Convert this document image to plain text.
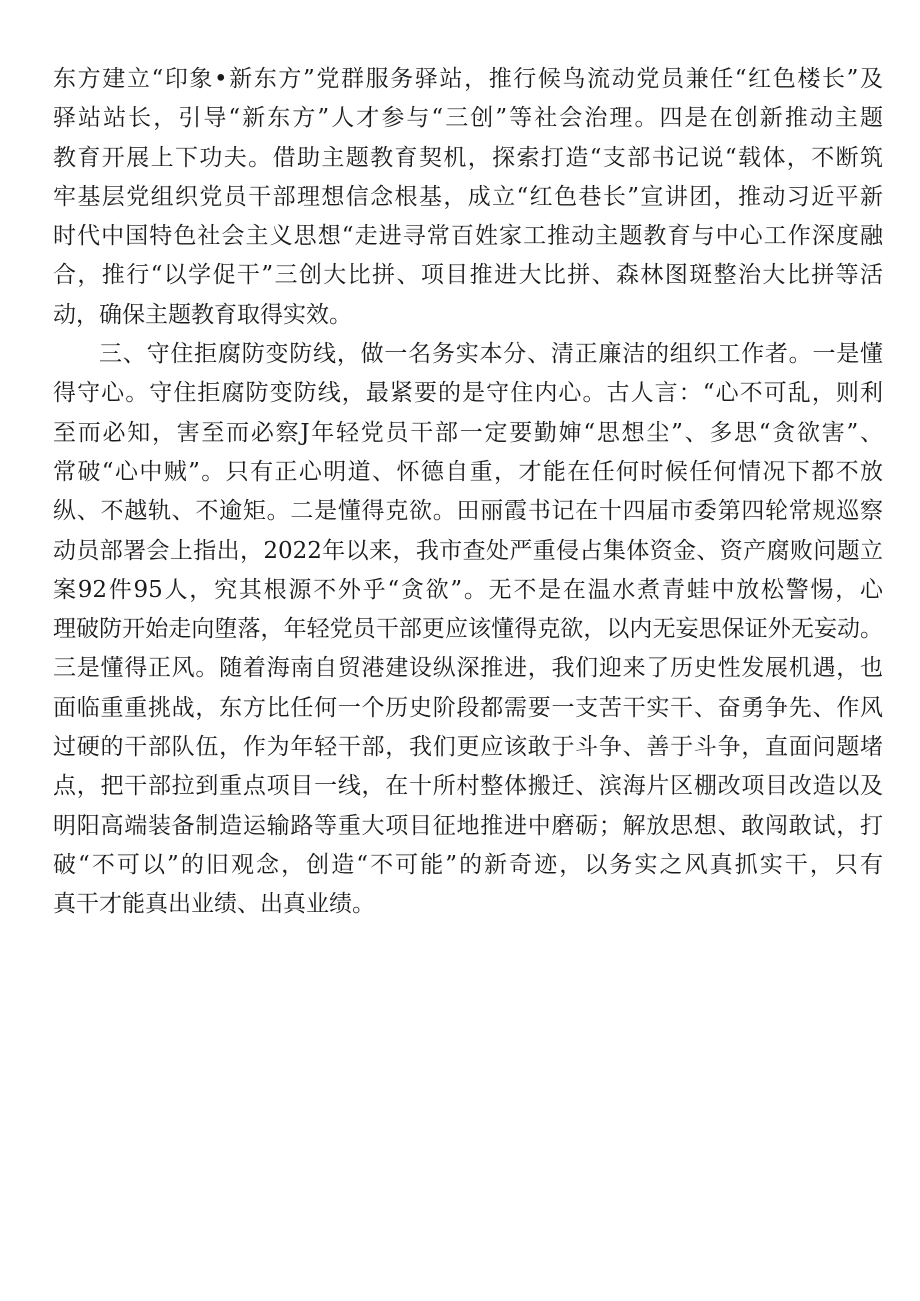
东方建立“印象•新东方”党群服务驿站，推行候鸟流动党员兼任“红色楼长”及
驿站站长，引导“新东方”人才参与“三创”等社会治理。四是在创新推动主题
教育开展上下功夫。借助主题教育契机，探索打造“支部书记说“载体，不断筑
牢基层党组织党员干部理想信念根基，成立“红色巷长”宣讲团，推动习近平新
时代中国特色社会主义思想“走进寻常百姓家工推动主题教育与中心工作深度融
合，推行“以学促干”三创大比拼、项目推进大比拼、森林图斑整治大比拼等活
动，确保主题教育取得实效。
三、守住拒腐防变防线，做一名务实本分、清正廉洁的组织工作者。一是懂
得守心。守住拒腐防变防线，最紧要的是守住内心。古人言：“心不可乱，则利
至而必知，害至而必察J年轻党员干部一定要勤婶“思想尘”、多思“贪欲害”、
常破“心中贼”。只有正心明道、怀德自重，才能在任何时候任何情况下都不放
纵、不越轨、不逾矩。二是懂得克欲。田丽霞书记在十四届市委第四轮常规巡察
动员部署会上指出，2022年以来，我市查处严重侵占集体资金、资产腐败问题立
案92件95人，究其根源不外乎“贪欲”。无不是在温水煮青蛙中放松警惕，心
理破防开始走向堕落，年轻党员干部更应该懂得克欲，以内无妄思保证外无妄动。
三是懂得正风。随着海南自贸港建设纵深推进，我们迎来了历史性发展机遇，也
面临重重挑战，东方比任何一个历史阶段都需要一支苦干实干、奋勇争先、作风
过硬的干部队伍，作为年轻干部，我们更应该敢于斗争、善于斗争，直面问题堵
点，把干部拉到重点项目一线，在十所村整体搬迁、滨海片区棚改项目改造以及
明阳高端装备制造运输路等重大项目征地推进中磨砺；解放思想、敢闯敢试，打
破“不可以”的旧观念，创造“不可能”的新奇迹，以务实之风真抓实干，只有
真干才能真出业绩、出真业绩。
